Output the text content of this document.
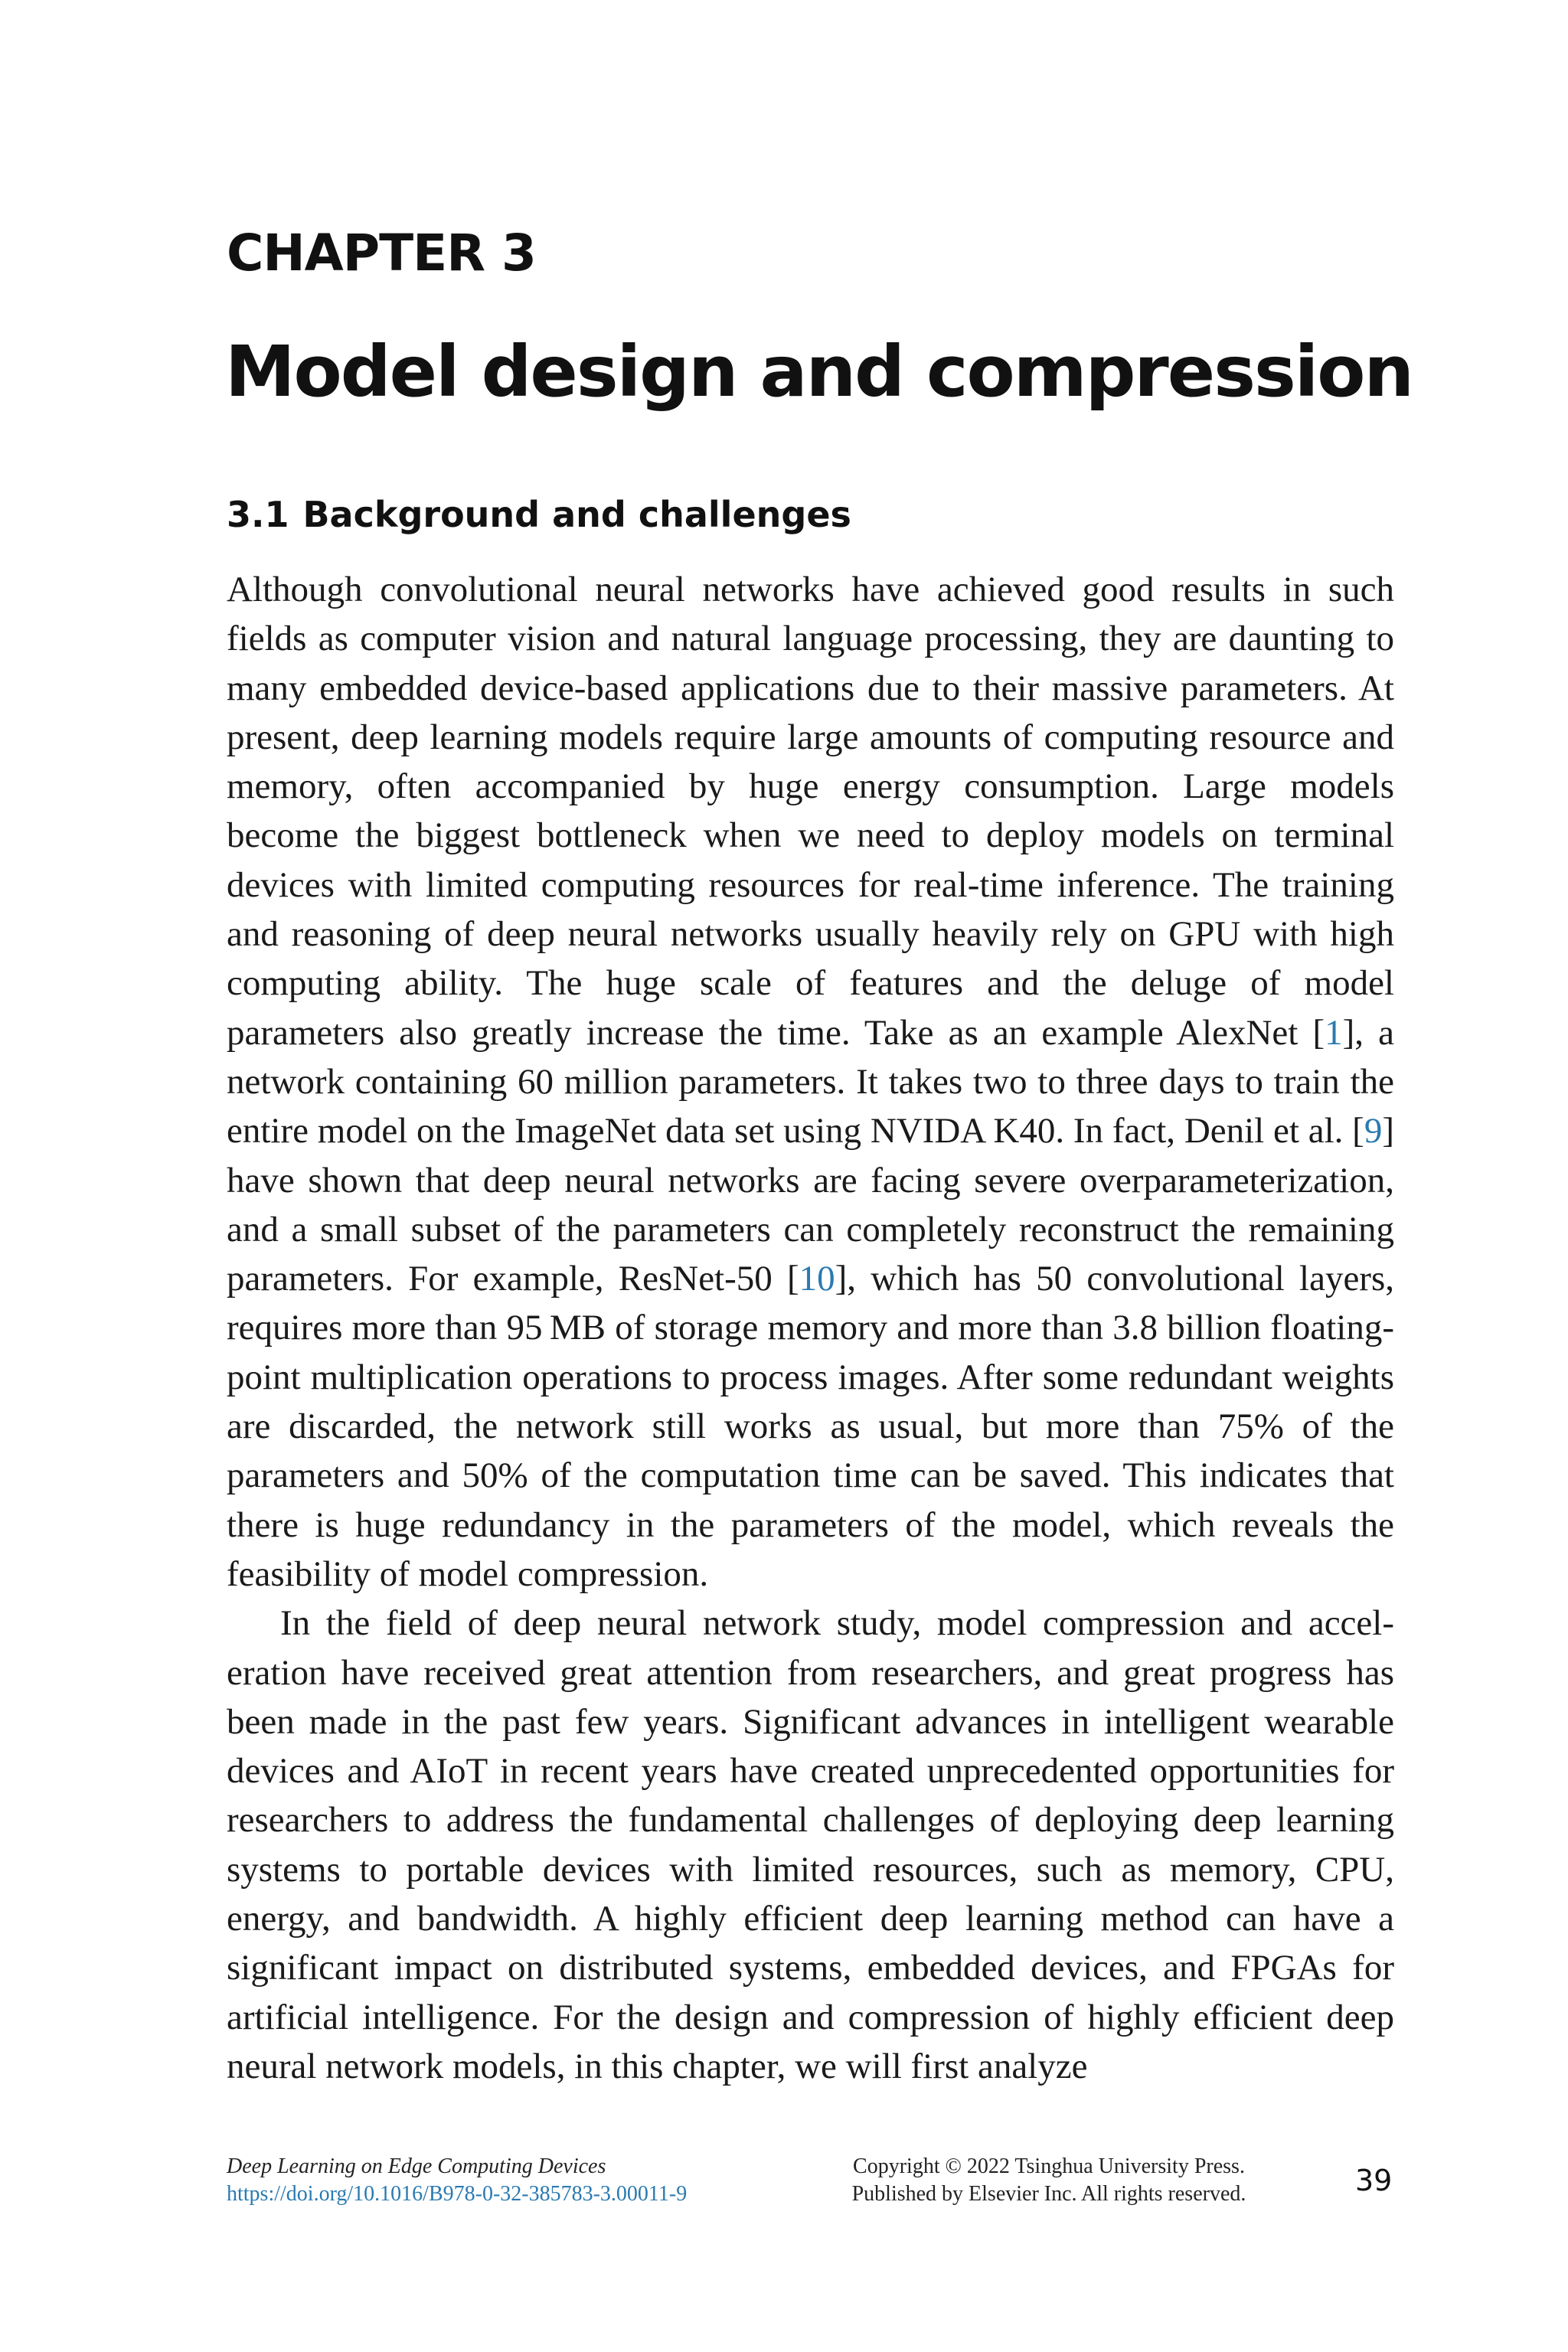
CHAPTER 3
Model design and compression
3.1 Background and challenges

Although convolutional neural networks have achieved good results in such fields as computer vision and natural language processing, they are daunting to many embedded device-based applications due to their massive parameters. At present, deep learning models require large amounts of computing resource and memory, often accompanied by huge energy consumption. Large models become the biggest bottleneck when we need to deploy models on terminal devices with limited computing resources for real-time inference. The training and reasoning of deep neural networks usually heavily rely on GPU with high computing ability. The huge scale of features and the deluge of model parameters also greatly increase the time. Take as an example AlexNet [1], a network containing 60 million parameters. It takes two to three days to train the entire model on the ImageNet data set using NVIDA K40. In fact, Denil et al. [9] have shown that deep neural networks are facing severe overparameterization, and a small subset of the parameters can completely reconstruct the remaining parameters. For example, ResNet-50 [10], which has 50 convolutional layers, requires more than 95 MB of storage memory and more than 3.8 billion floating-point multiplication operations to process images. After some redundant weights are discarded, the network still works as usual, but more than 75% of the parameters and 50% of the computation time can be saved. This indicates that there is huge redundancy in the parameters of the model, which reveals the feasibility of model compression.

In the field of deep neural network study, model compression and acceleration have received great attention from researchers, and great progress has been made in the past few years. Significant advances in intelligent wearable devices and AIoT in recent years have created unprecedented opportunities for researchers to address the fundamental challenges of deploying deep learning systems to portable devices with limited resources, such as memory, CPU, energy, and bandwidth. A highly efficient deep learning method can have a significant impact on distributed systems, embedded devices, and FPGAs for artificial intelligence. For the design and compression of highly efficient deep neural network models, in this chapter, we will first analyze

Deep Learning on Edge Computing Devices
https://doi.org/10.1016/B978-0-32-385783-3.00011-9
Copyright © 2022 Tsinghua University Press.
Published by Elsevier Inc. All rights reserved.	39
